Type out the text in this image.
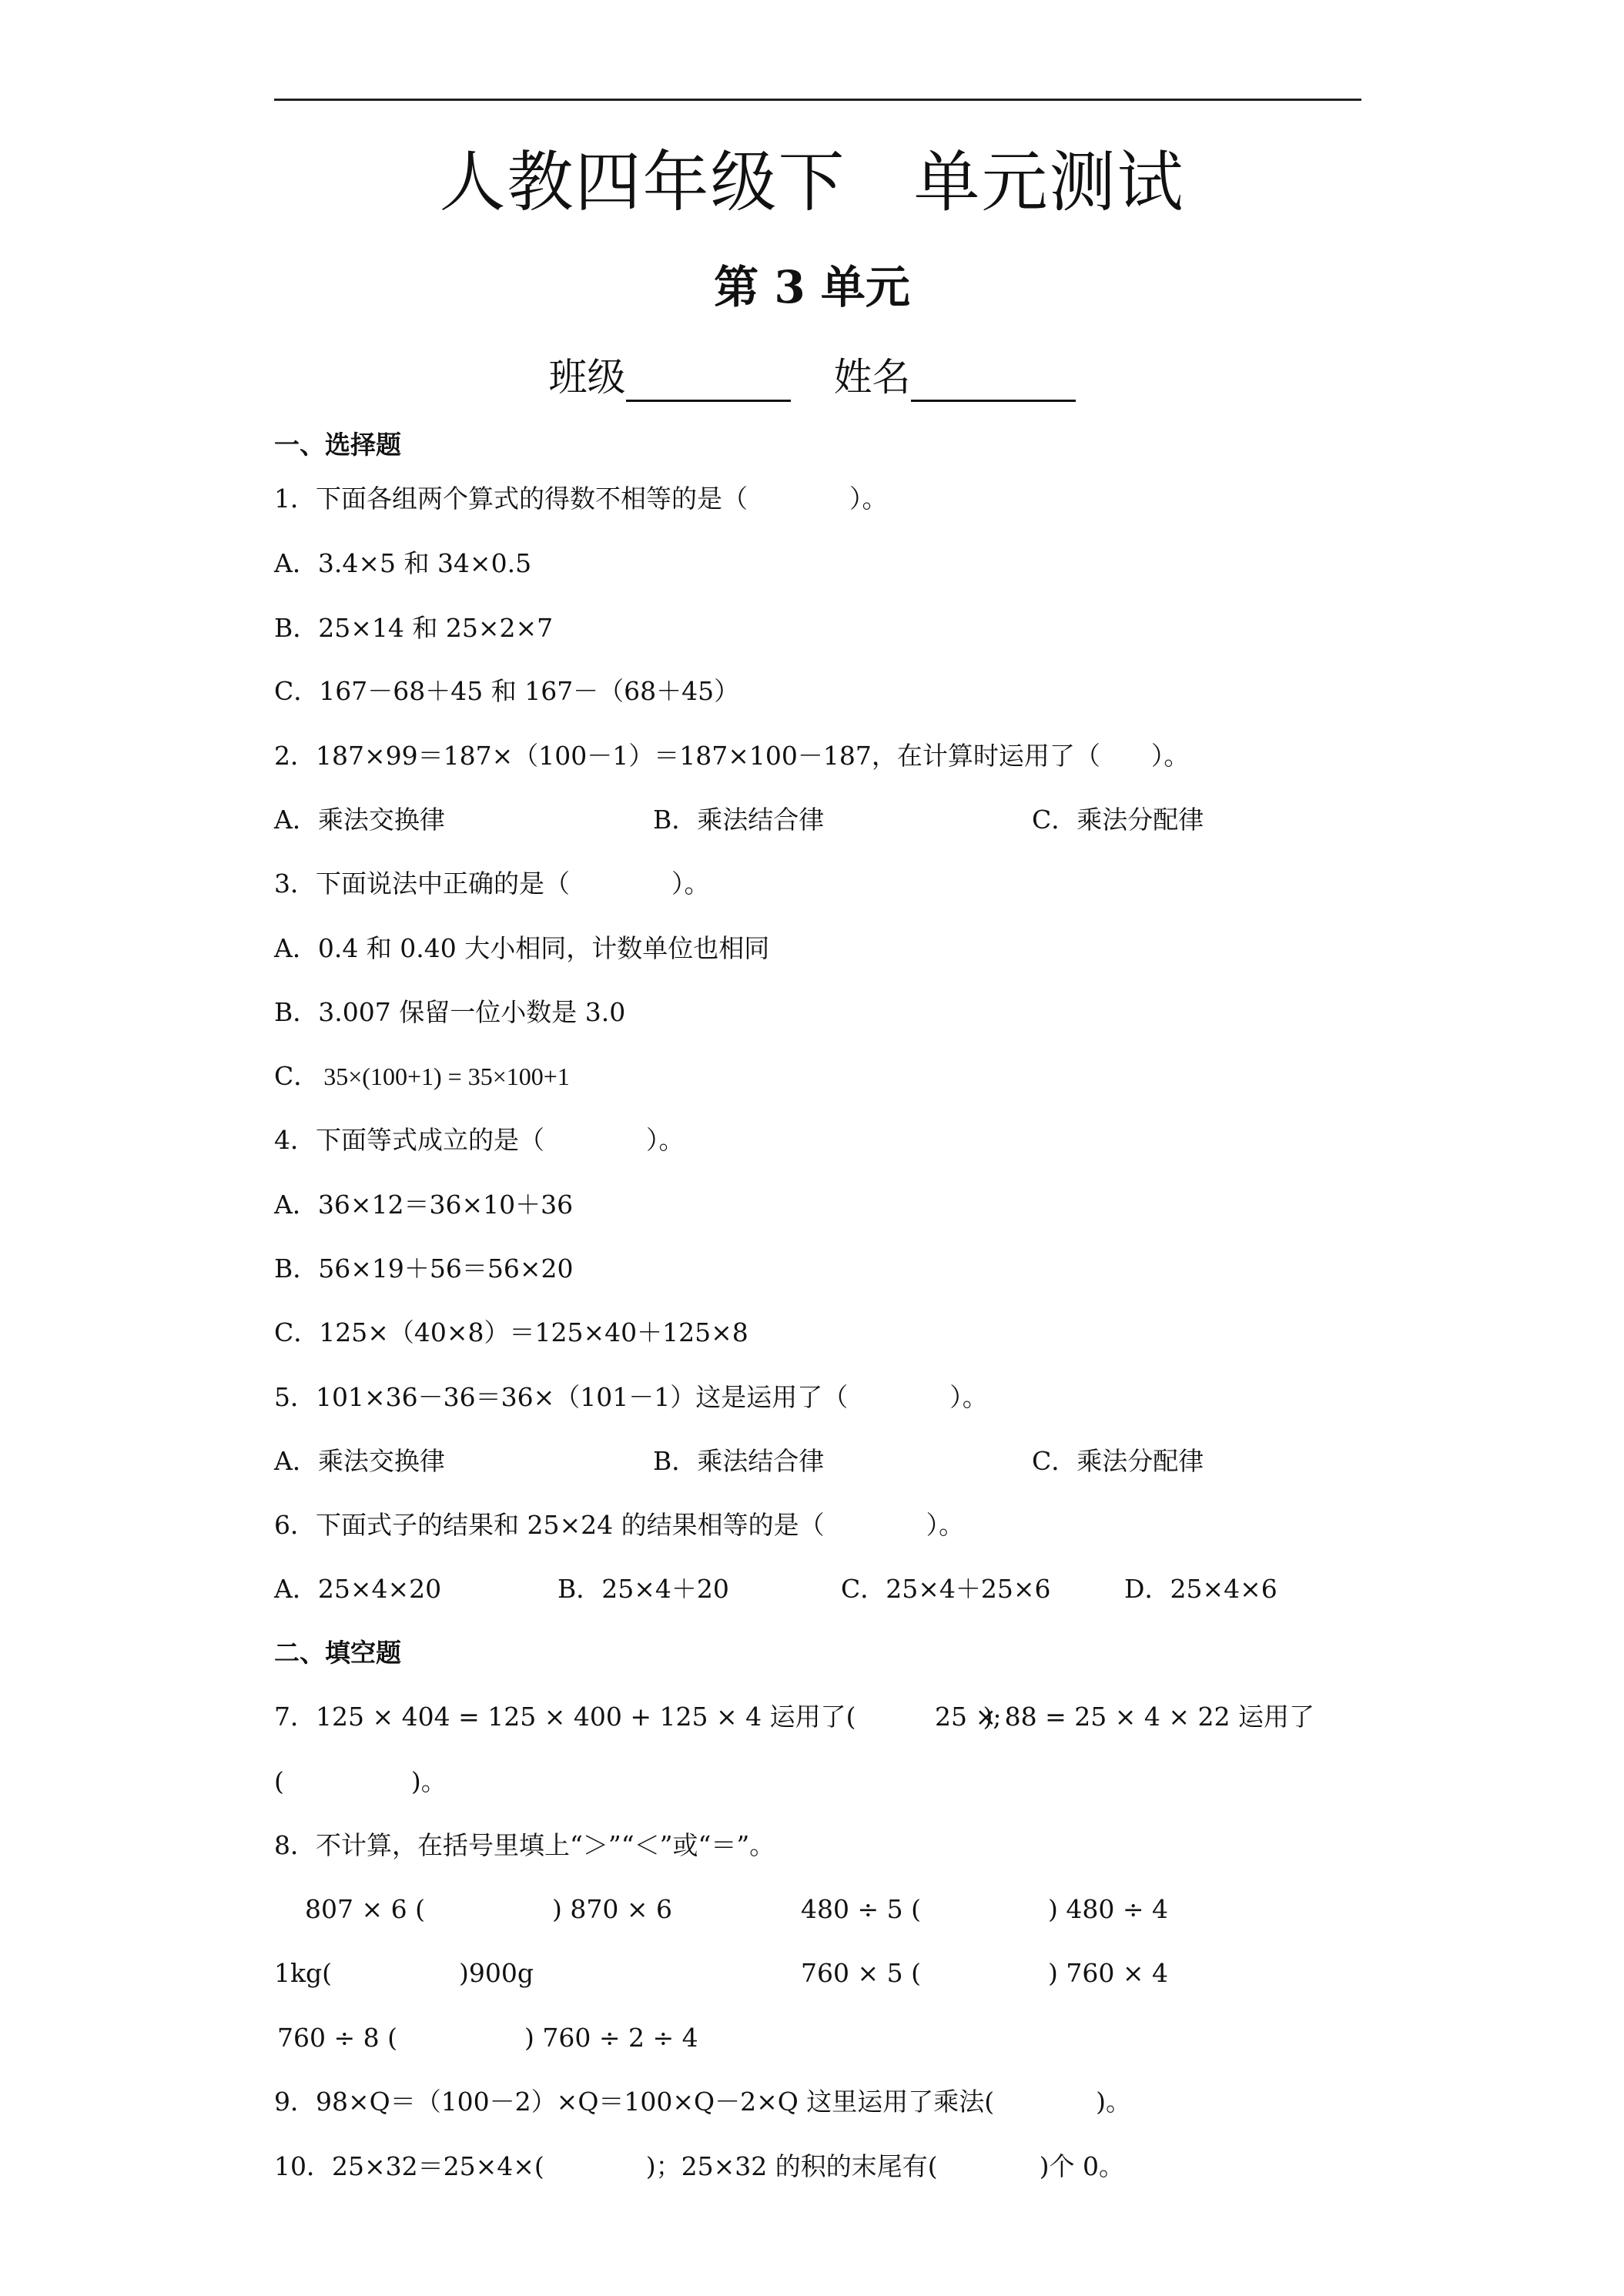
人教四年级下　单元测试
第 3 单元
班级	姓名
一、选择题
1．下面各组两个算式的得数不相等的是（　　　　）。
A．3.4×5 和 34×0.5
B．25×14 和 25×2×7
C．167－68＋45 和 167－（68＋45）
2．187×99＝187×（100－1）＝187×100－187，在计算时运用了（　　）。
A．乘法交换律	B．乘法结合律	C．乘法分配律
3．下面说法中正确的是（　　　　）。
A．0.4 和 0.40 大小相同，计数单位也相同
B．3.007 保留一位小数是 3.0
C． 35×(100+1) = 35×100+1
4．下面等式成立的是（　　　　）。
A．36×12＝36×10＋36
B．56×19＋56＝56×20
C．125×（40×8）＝125×40＋125×8
5．101×36－36＝36×（101－1）这是运用了（　　　　）。
A．乘法交换律	B．乘法结合律	C．乘法分配律
6．下面式子的结果和 25×24 的结果相等的是（　　　　）。
A．25×4×20	B．25×4＋20	C．25×4＋25×6	D．25×4×6
二、填空题
7．125 × 404 = 125 × 400 + 125 × 4 运用了(　　　　　);
25 × 88 = 25 × 4 × 22 运用了
(　　　　　)。
8．不计算，在括号里填上“＞”“＜”或“＝”。
807 × 6 (　　　　　) 870 × 6	480 ÷ 5 (　　　　　) 480 ÷ 4
1kg(　　　　　)900g	760 × 5 (　　　　　) 760 × 4
760 ÷ 8 (　　　　　) 760 ÷ 2 ÷ 4
9．98×Q＝（100－2）×Q＝100×Q－2×Q 这里运用了乘法(　　　　)。
10．25×32＝25×4×(　　　　)；25×32 的积的末尾有(　　　　)个 0。
